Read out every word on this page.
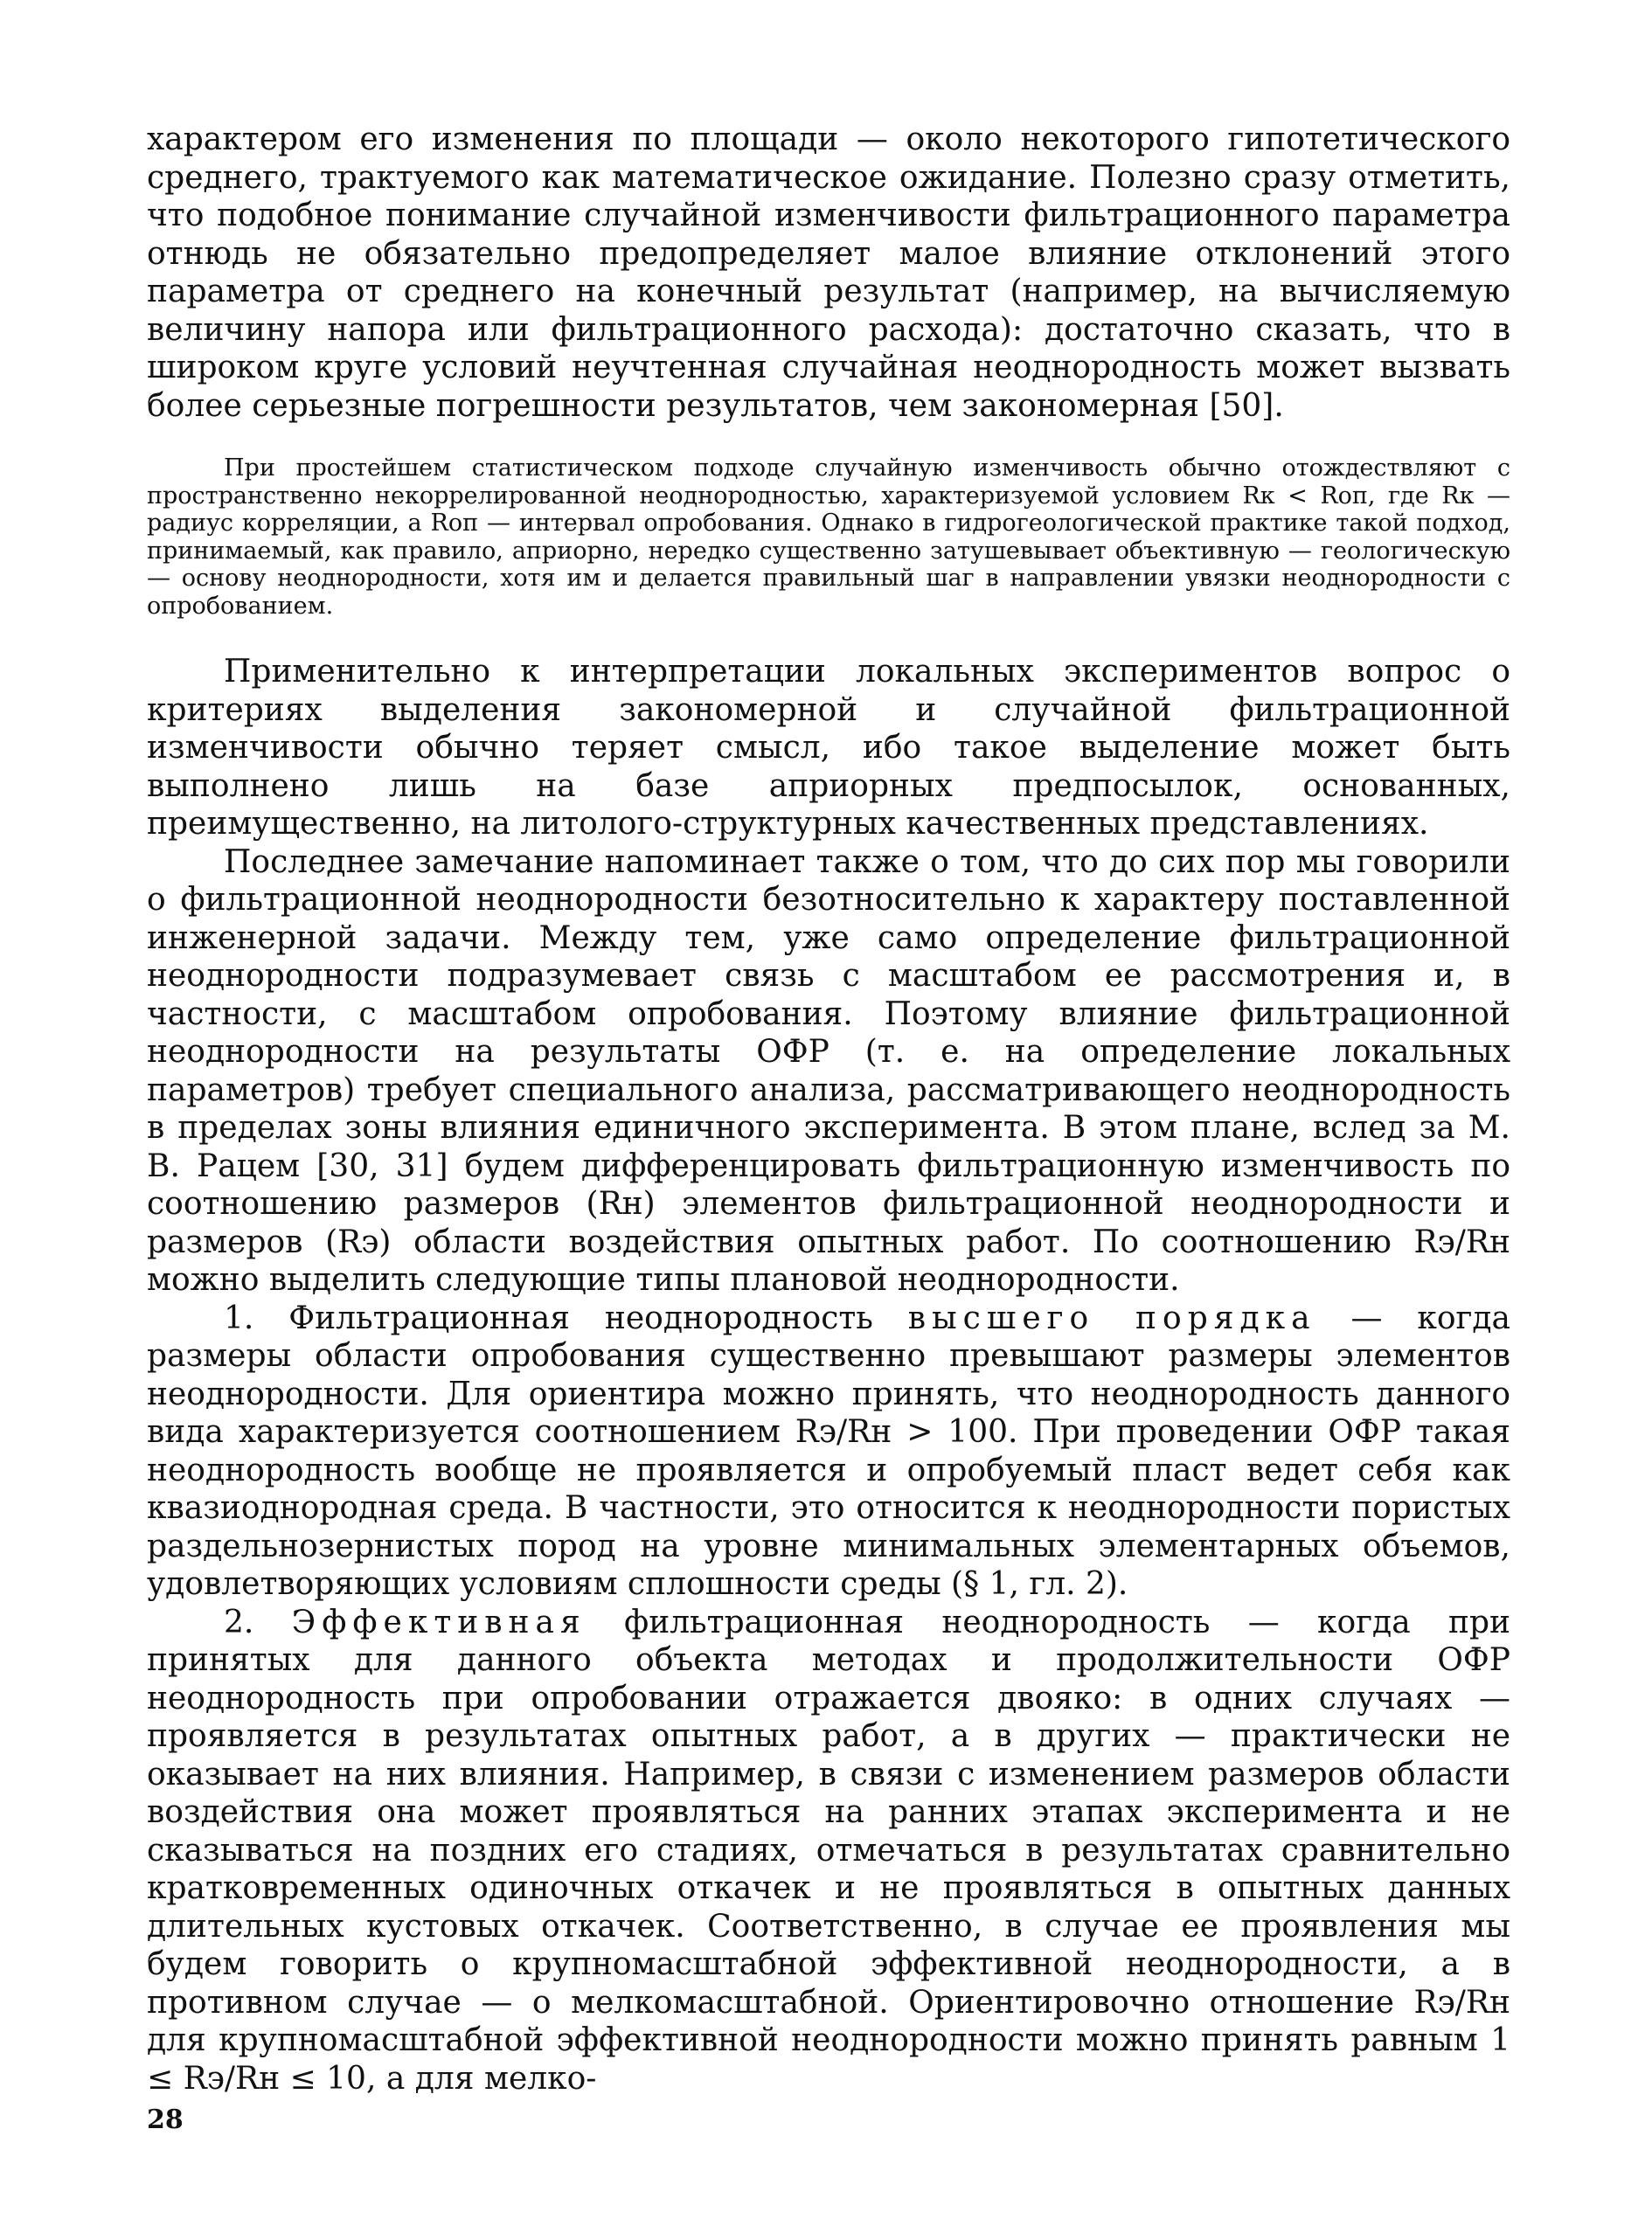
характером его изменения по площади — около некоторого гипотетического среднего, трактуемого как математическое ожидание. Полезно сразу отметить, что подобное понимание случайной изменчивости фильтрационного параметра отнюдь не обязательно предопределяет малое влияние отклонений этого параметра от среднего на конечный результат (например, на вычисляемую величину напора или фильтрационного расхода): достаточно сказать, что в широком круге условий неучтенная случайная неоднородность может вызвать более серьезные погрешности результатов, чем закономерная [50].

При простейшем статистическом подходе случайную изменчивость обычно отождествляют с пространственно некоррелированной неоднородностью, характеризуемой условием Rк < Rоп, где Rк — радиус корреляции, а Rоп — интервал опробования. Однако в гидрогеологической практике такой подход, принимаемый, как правило, априорно, нередко существенно затушевывает объективную — геологическую — основу неоднородности, хотя им и делается правильный шаг в направлении увязки неоднородности с опробованием.

Применительно к интерпретации локальных экспериментов вопрос о критериях выделения закономерной и случайной фильтрационной изменчивости обычно теряет смысл, ибо такое выделение может быть выполнено лишь на базе априорных предпосылок, основанных, преимущественно, на литолого-структурных качественных представлениях.

Последнее замечание напоминает также о том, что до сих пор мы говорили о фильтрационной неоднородности безотносительно к характеру поставленной инженерной задачи. Между тем, уже само определение фильтрационной неоднородности подразумевает связь с масштабом ее рассмотрения и, в частности, с масштабом опробования. Поэтому влияние фильтрационной неоднородности на результаты ОФР (т. е. на определение локальных параметров) требует специального анализа, рассматривающего неоднородность в пределах зоны влияния единичного эксперимента. В этом плане, вслед за М. В. Рацем [30, 31] будем дифференцировать фильтрационную изменчивость по соотношению размеров (Rн) элементов фильтрационной неоднородности и размеров (Rэ) области воздействия опытных работ. По соотношению Rэ/Rн можно выделить следующие типы плановой неоднородности.

1. Фильтрационная неоднородность высшего порядка — когда размеры области опробования существенно превышают размеры элементов неоднородности. Для ориентира можно принять, что неоднородность данного вида характеризуется соотношением Rэ/Rн > 100. При проведении ОФР такая неоднородность вообще не проявляется и опробуемый пласт ведет себя как квазиоднородная среда. В частности, это относится к неоднородности пористых раздельнозернистых пород на уровне минимальных элементарных объемов, удовлетворяющих условиям сплошности среды (§ 1, гл. 2).

2. Эффективная фильтрационная неоднородность — когда при принятых для данного объекта методах и продолжительности ОФР неоднородность при опробовании отражается двояко: в одних случаях — проявляется в результатах опытных работ, а в других — практически не оказывает на них влияния. Например, в связи с изменением размеров области воздействия она может проявляться на ранних этапах эксперимента и не сказываться на поздних его стадиях, отмечаться в результатах сравнительно кратковременных одиночных откачек и не проявляться в опытных данных длительных кустовых откачек. Соответственно, в случае ее проявления мы будем говорить о крупномасштабной эффективной неоднородности, а в противном случае — о мелкомасштабной. Ориентировочно отношение Rэ/Rн для крупномасштабной эффективной неоднородности можно принять равным 1 ≤ Rэ/Rн ≤ 10, а для мелко-

28
